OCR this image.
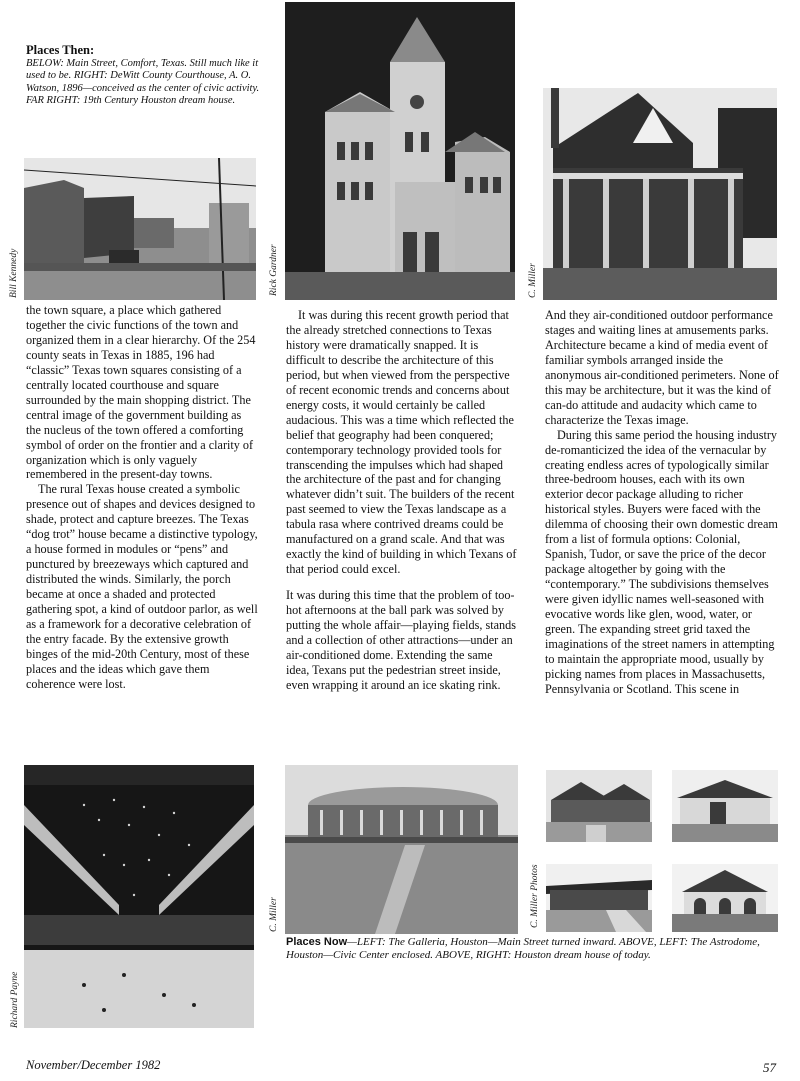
Places Then:
BELOW: Main Street, Comfort, Texas. Still much like it used to be. RIGHT: DeWitt County Courthouse, A. O. Watson, 1896—conceived as the center of civic activity. FAR RIGHT: 19th Century Houston dream house.
Bill Kennedy	Rick Gardner	C. Miller

the town square, a place which gathered together the civic functions of the town and organized them in a clear hierarchy. Of the 254 county seats in Texas in 1885, 196 had “classic” Texas town squares consisting of a centrally located courthouse and square surrounded by the main shopping district. The central image of the government building as the nucleus of the town offered a comforting symbol of order on the frontier and a clarity of organization which is only vaguely remembered in the present-day towns.

The rural Texas house created a symbolic presence out of shapes and devices designed to shade, protect and capture breezes. The Texas “dog trot” house became a distinctive typology, a house formed in modules or “pens” and punctured by breezeways which captured and distributed the winds. Similarly, the porch became at once a shaded and protected gathering spot, a kind of outdoor parlor, as well as a framework for a decorative celebration of the entry facade. By the extensive growth binges of the mid-20th Century, most of these places and the ideas which gave them coherence were lost.

It was during this recent growth period that the already stretched connections to Texas history were dramatically snapped. It is difficult to describe the architecture of this period, but when viewed from the perspective of recent economic trends and concerns about energy costs, it would certainly be called audacious. This was a time which reflected the belief that geography had been conquered; contemporary technology provided tools for transcending the impulses which had shaped the architecture of the past and for changing whatever didn’t suit. The builders of the recent past seemed to view the Texas landscape as a tabula rasa where contrived dreams could be manufactured on a grand scale. And that was exactly the kind of building in which Texans of that period could excel.

It was during this time that the problem of too-hot afternoons at the ball park was solved by putting the whole affair—playing fields, stands and a collection of other attractions—under an air-conditioned dome. Extending the same idea, Texans put the pedestrian street inside, even wrapping it around an ice skating rink.

And they air-conditioned outdoor performance stages and waiting lines at amusements parks. Architecture became a kind of media event of familiar symbols arranged inside the anonymous air-conditioned perimeters. None of this may be architecture, but it was the kind of can-do attitude and audacity which came to characterize the Texas image.

During this same period the housing industry de-romanticized the idea of the vernacular by creating endless acres of typologically similar three-bedroom houses, each with its own exterior decor package alluding to richer historical styles. Buyers were faced with the dilemma of choosing their own domestic dream from a list of formula options: Colonial, Spanish, Tudor, or save the price of the decor package altogether by going with the “contemporary.” The subdivisions themselves were given idyllic names well-seasoned with evocative words like glen, wood, water, or green. The expanding street grid taxed the imaginations of the street namers in attempting to maintain the appropriate mood, usually by picking names from places in Massachusetts, Pennsylvania or Scotland. This scene in

Richard Payne
C. Miller	C. Miller Photos
Places Now—LEFT: The Galleria, Houston—Main Street turned inward. ABOVE, LEFT: The Astrodome, Houston—Civic Center enclosed. ABOVE, RIGHT: Houston dream house of today.
November/December 1982	57
